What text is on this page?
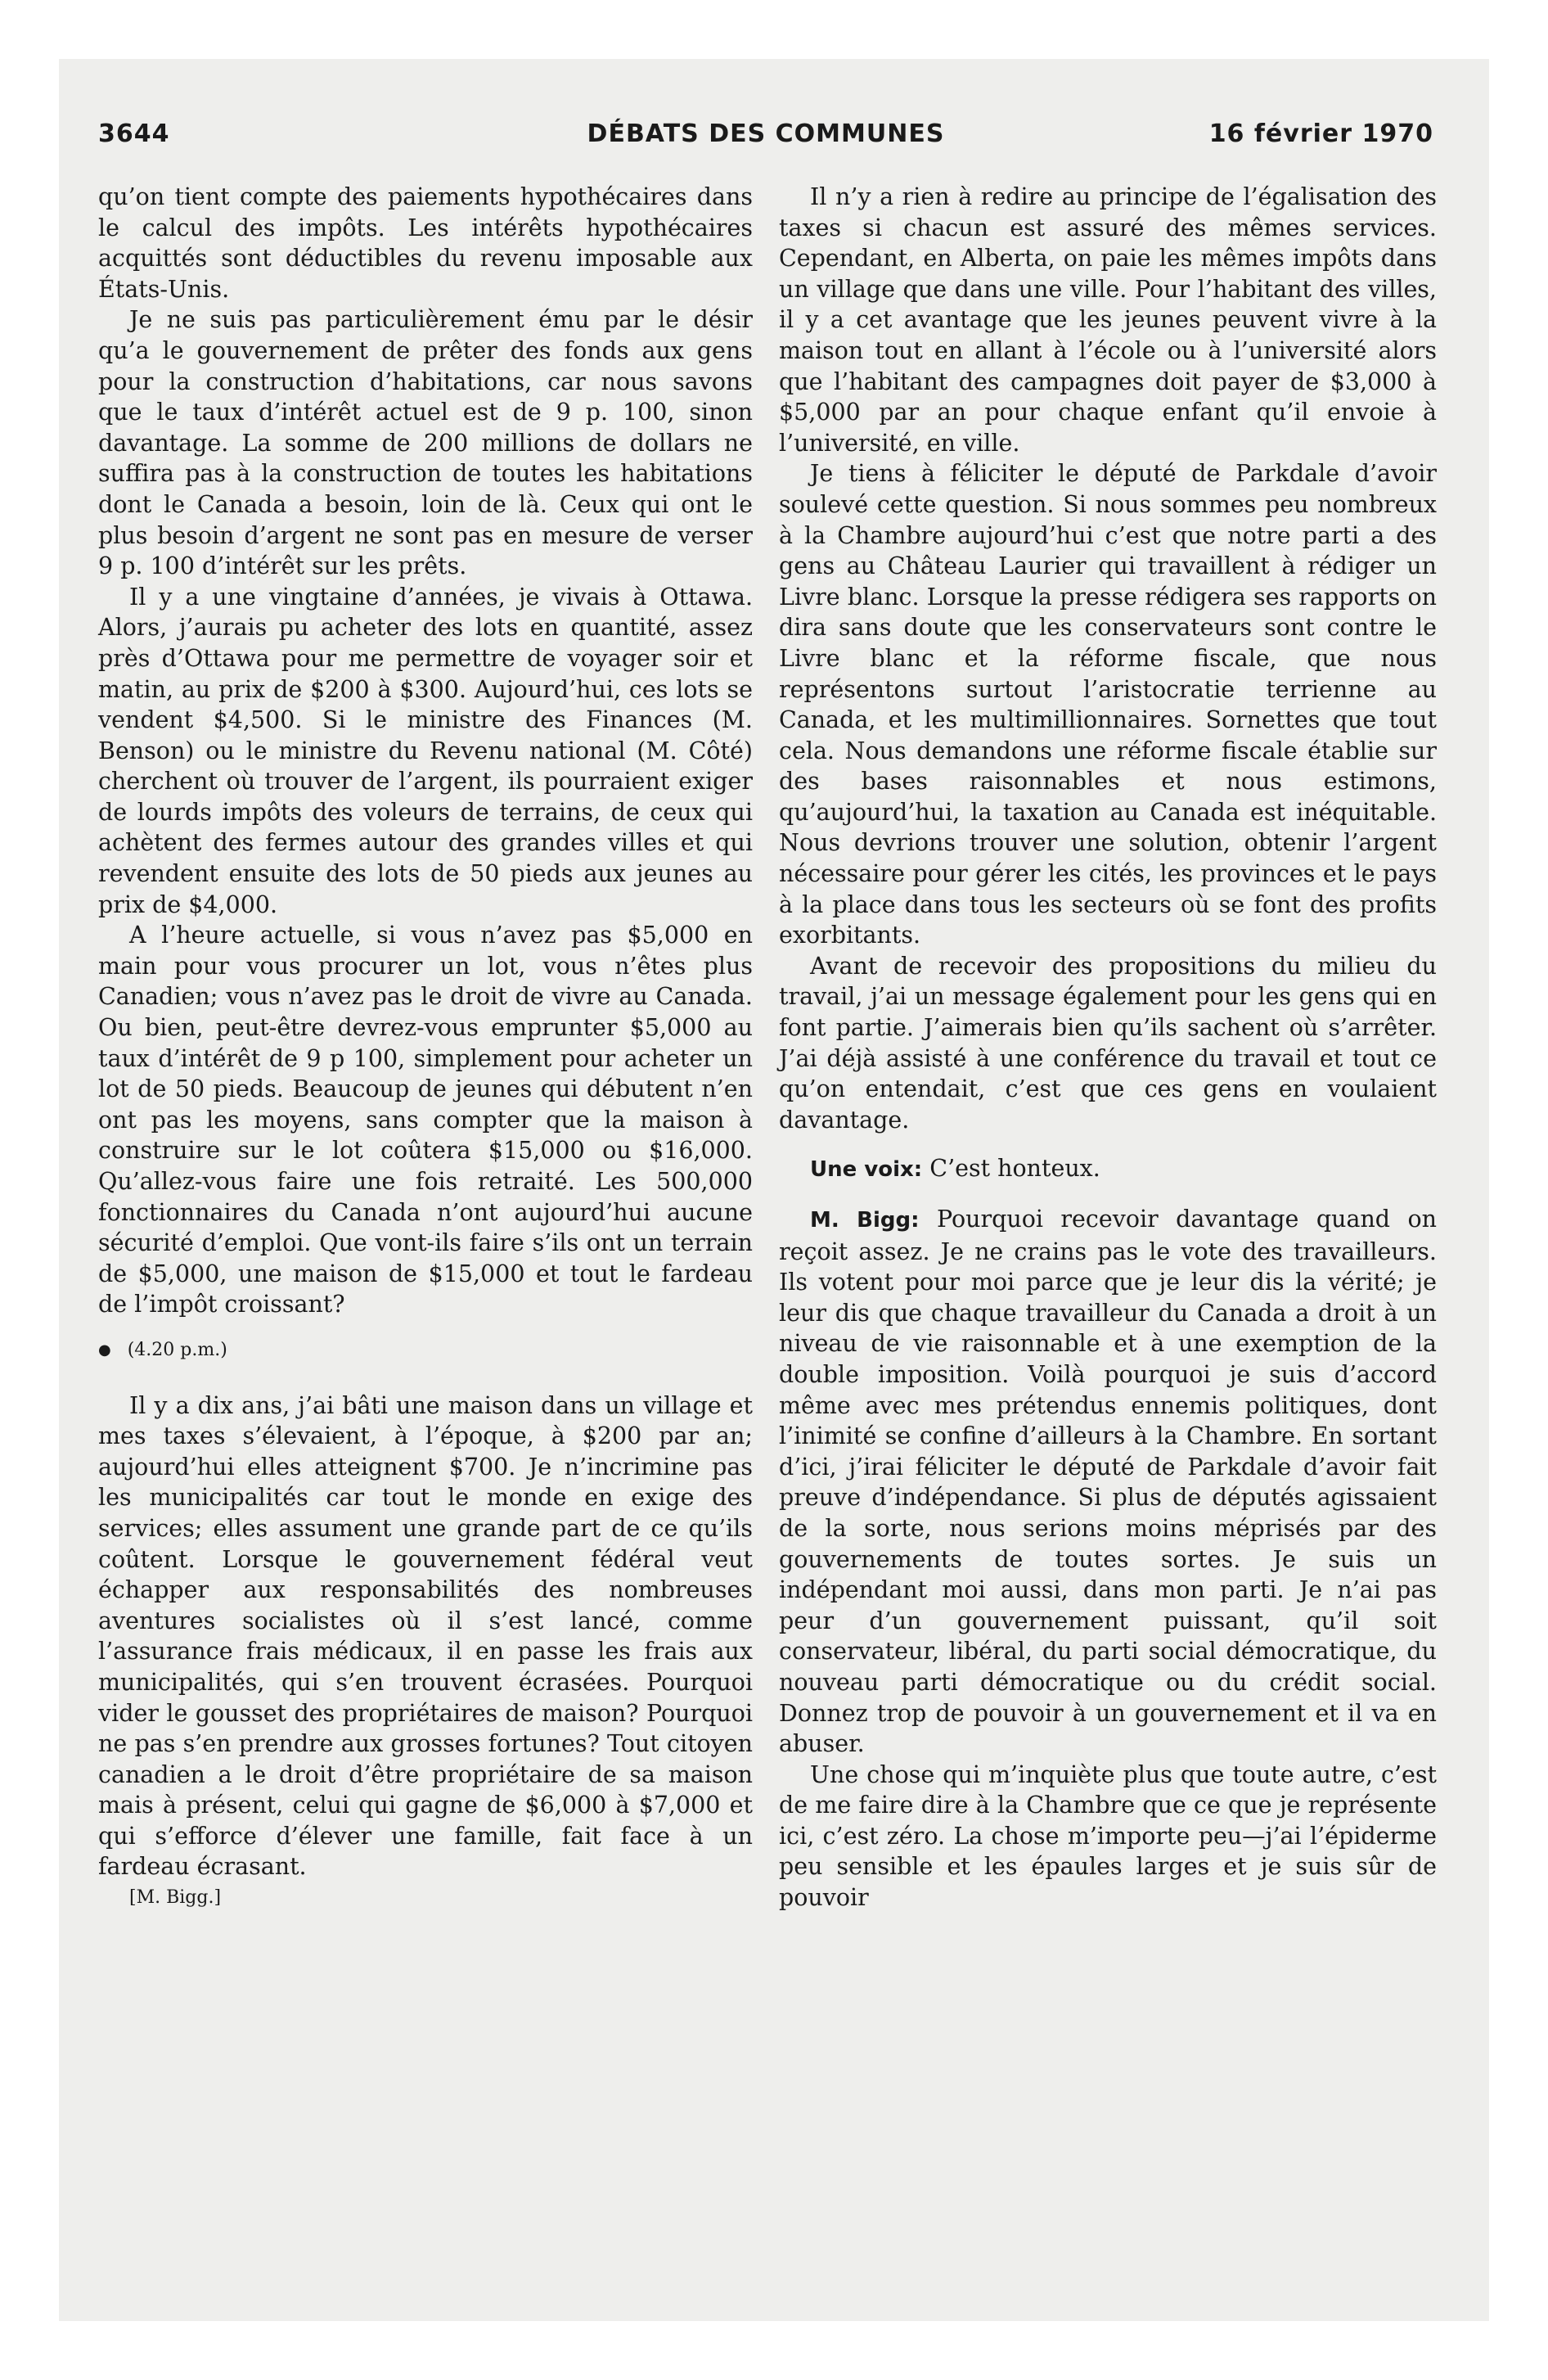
3644	DÉBATS DES COMMUNES	16 février 1970

qu’on tient compte des paiements hypothécaires dans le calcul des impôts. Les intérêts hypothécaires acquittés sont déductibles du revenu imposable aux États-Unis.

Je ne suis pas particulièrement ému par le désir qu’a le gouvernement de prêter des fonds aux gens pour la construction d’habitations, car nous savons que le taux d’intérêt actuel est de 9 p. 100, sinon davantage. La somme de 200 millions de dollars ne suffira pas à la construction de toutes les habitations dont le Canada a besoin, loin de là. Ceux qui ont le plus besoin d’argent ne sont pas en mesure de verser 9 p. 100 d’intérêt sur les prêts.

Il y a une vingtaine d’années, je vivais à Ottawa. Alors, j’aurais pu acheter des lots en quantité, assez près d’Ottawa pour me permettre de voyager soir et matin, au prix de $200 à $300. Aujourd’hui, ces lots se vendent $4,500. Si le ministre des Finances (M. Benson) ou le ministre du Revenu national (M. Côté) cherchent où trouver de l’argent, ils pourraient exiger de lourds impôts des voleurs de terrains, de ceux qui achètent des fermes autour des grandes villes et qui revendent ensuite des lots de 50 pieds aux jeunes au prix de $4,000.

A l’heure actuelle, si vous n’avez pas $5,000 en main pour vous procurer un lot, vous n’êtes plus Canadien; vous n’avez pas le droit de vivre au Canada. Ou bien, peut-être devrez-vous emprunter $5,000 au taux d’intérêt de 9 p 100, simplement pour acheter un lot de 50 pieds. Beaucoup de jeunes qui débutent n’en ont pas les moyens, sans compter que la maison à construire sur le lot coûtera $15,000 ou $16,000. Qu’allez-vous faire une fois retraité. Les 500,000 fonctionnaires du Canada n’ont aujourd’hui aucune sécurité d’emploi. Que vont-ils faire s’ils ont un terrain de $5,000, une maison de $15,000 et tout le fardeau de l’impôt croissant?

● (4.20 p.m.)

Il y a dix ans, j’ai bâti une maison dans un village et mes taxes s’élevaient, à l’époque, à $200 par an; aujourd’hui elles atteignent $700. Je n’incrimine pas les municipalités car tout le monde en exige des services; elles assument une grande part de ce qu’ils coûtent. Lorsque le gouvernement fédéral veut échapper aux responsabilités des nombreuses aventures socialistes où il s’est lancé, comme l’assurance frais médicaux, il en passe les frais aux municipalités, qui s’en trouvent écrasées. Pourquoi vider le gousset des propriétaires de maison? Pourquoi ne pas s’en prendre aux grosses fortunes? Tout citoyen canadien a le droit d’être propriétaire de sa maison mais à présent, celui qui gagne de $6,000 à $7,000 et qui s’efforce d’élever une famille, fait face à un fardeau écrasant.

[M. Bigg.]

Il n’y a rien à redire au principe de l’égalisation des taxes si chacun est assuré des mêmes services. Cependant, en Alberta, on paie les mêmes impôts dans un village que dans une ville. Pour l’habitant des villes, il y a cet avantage que les jeunes peuvent vivre à la maison tout en allant à l’école ou à l’université alors que l’habitant des campagnes doit payer de $3,000 à $5,000 par an pour chaque enfant qu’il envoie à l’université, en ville.

Je tiens à féliciter le député de Parkdale d’avoir soulevé cette question. Si nous sommes peu nombreux à la Chambre aujourd’hui c’est que notre parti a des gens au Château Laurier qui travaillent à rédiger un Livre blanc. Lorsque la presse rédigera ses rapports on dira sans doute que les conservateurs sont contre le Livre blanc et la réforme fiscale, que nous représentons surtout l’aristocratie terrienne au Canada, et les multimillionnaires. Sornettes que tout cela. Nous demandons une réforme fiscale établie sur des bases raisonnables et nous estimons, qu’aujourd’hui, la taxation au Canada est inéquitable. Nous devrions trouver une solution, obtenir l’argent nécessaire pour gérer les cités, les provinces et le pays à la place dans tous les secteurs où se font des profits exorbitants.

Avant de recevoir des propositions du milieu du travail, j’ai un message également pour les gens qui en font partie. J’aimerais bien qu’ils sachent où s’arrêter. J’ai déjà assisté à une conférence du travail et tout ce qu’on entendait, c’est que ces gens en voulaient davantage.

Une voix: C’est honteux.

M. Bigg: Pourquoi recevoir davantage quand on reçoit assez. Je ne crains pas le vote des travailleurs. Ils votent pour moi parce que je leur dis la vérité; je leur dis que chaque travailleur du Canada a droit à un niveau de vie raisonnable et à une exemption de la double imposition. Voilà pourquoi je suis d’accord même avec mes prétendus ennemis politiques, dont l’inimité se confine d’ailleurs à la Chambre. En sortant d’ici, j’irai féliciter le député de Parkdale d’avoir fait preuve d’indépendance. Si plus de députés agissaient de la sorte, nous serions moins méprisés par des gouvernements de toutes sortes. Je suis un indépendant moi aussi, dans mon parti. Je n’ai pas peur d’un gouvernement puissant, qu’il soit conservateur, libéral, du parti social démocratique, du nouveau parti démocratique ou du crédit social. Donnez trop de pouvoir à un gouvernement et il va en abuser.

Une chose qui m’inquiète plus que toute autre, c’est de me faire dire à la Chambre que ce que je représente ici, c’est zéro. La chose m’importe peu—j’ai l’épiderme peu sensible et les épaules larges et je suis sûr de pouvoir
